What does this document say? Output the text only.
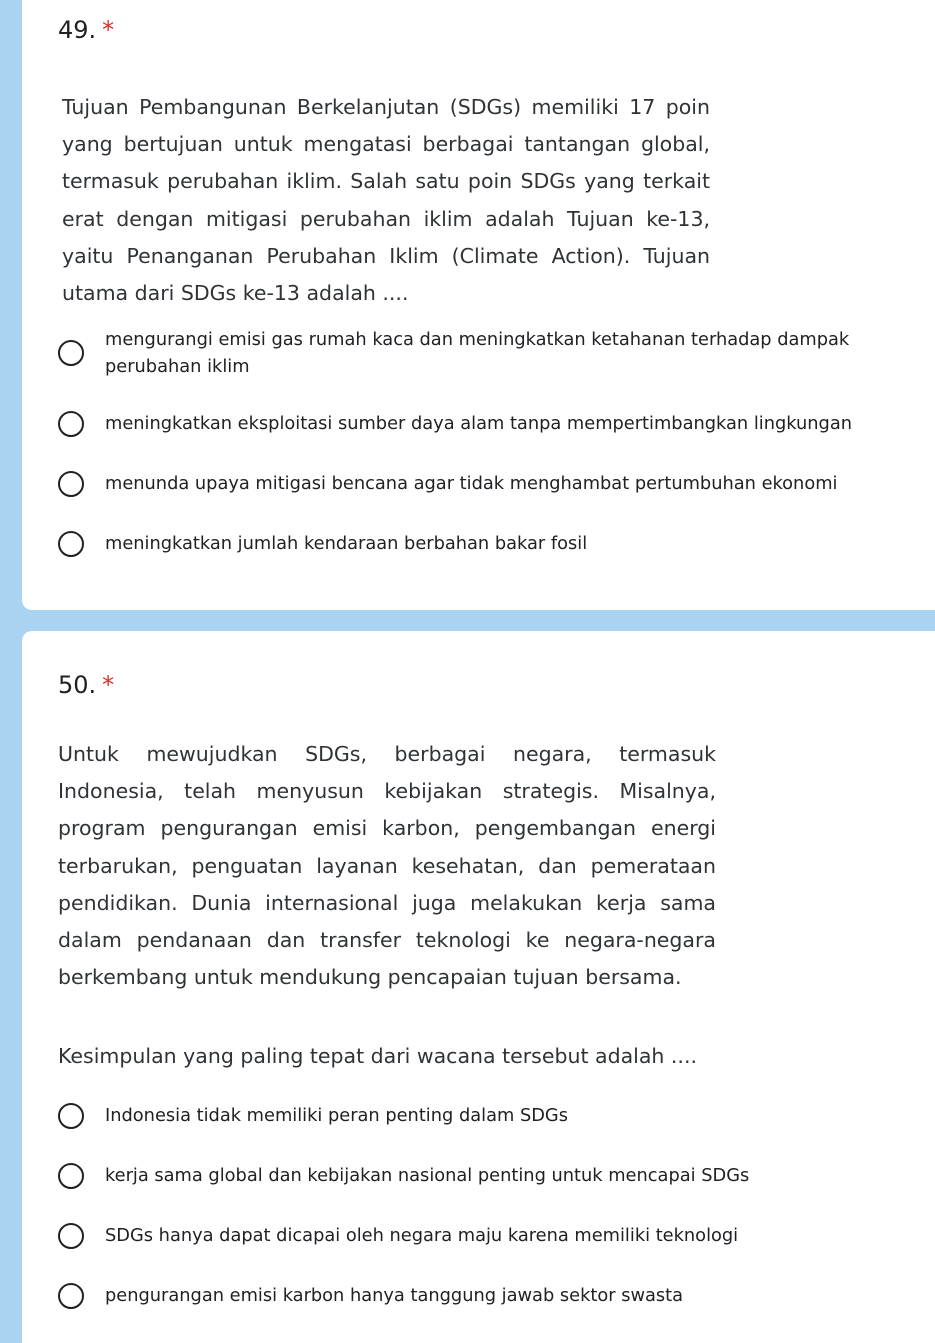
49. *

Tujuan Pembangunan Berkelanjutan (SDGs) memiliki 17 poin yang bertujuan untuk mengatasi berbagai tantangan global, termasuk perubahan iklim. Salah satu poin SDGs yang terkait erat dengan mitigasi perubahan iklim adalah Tujuan ke-13, yaitu Penanganan Perubahan Iklim (Climate Action). Tujuan utama dari SDGs ke-13 adalah ....

mengurangi emisi gas rumah kaca dan meningkatkan ketahanan terhadap dampak perubahan iklim
meningkatkan eksploitasi sumber daya alam tanpa mempertimbangkan lingkungan
menunda upaya mitigasi bencana agar tidak menghambat pertumbuhan ekonomi
meningkatkan jumlah kendaraan berbahan bakar fosil
50. *

Untuk mewujudkan SDGs, berbagai negara, termasuk Indonesia, telah menyusun kebijakan strategis. Misalnya, program pengurangan emisi karbon, pengembangan energi terbarukan, penguatan layanan kesehatan, dan pemerataan pendidikan. Dunia internasional juga melakukan kerja sama dalam pendanaan dan transfer teknologi ke negara-negara berkembang untuk mendukung pencapaian tujuan bersama.

Kesimpulan yang paling tepat dari wacana tersebut adalah ....
Indonesia tidak memiliki peran penting dalam SDGs
kerja sama global dan kebijakan nasional penting untuk mencapai SDGs
SDGs hanya dapat dicapai oleh negara maju karena memiliki teknologi
pengurangan emisi karbon hanya tanggung jawab sektor swasta
